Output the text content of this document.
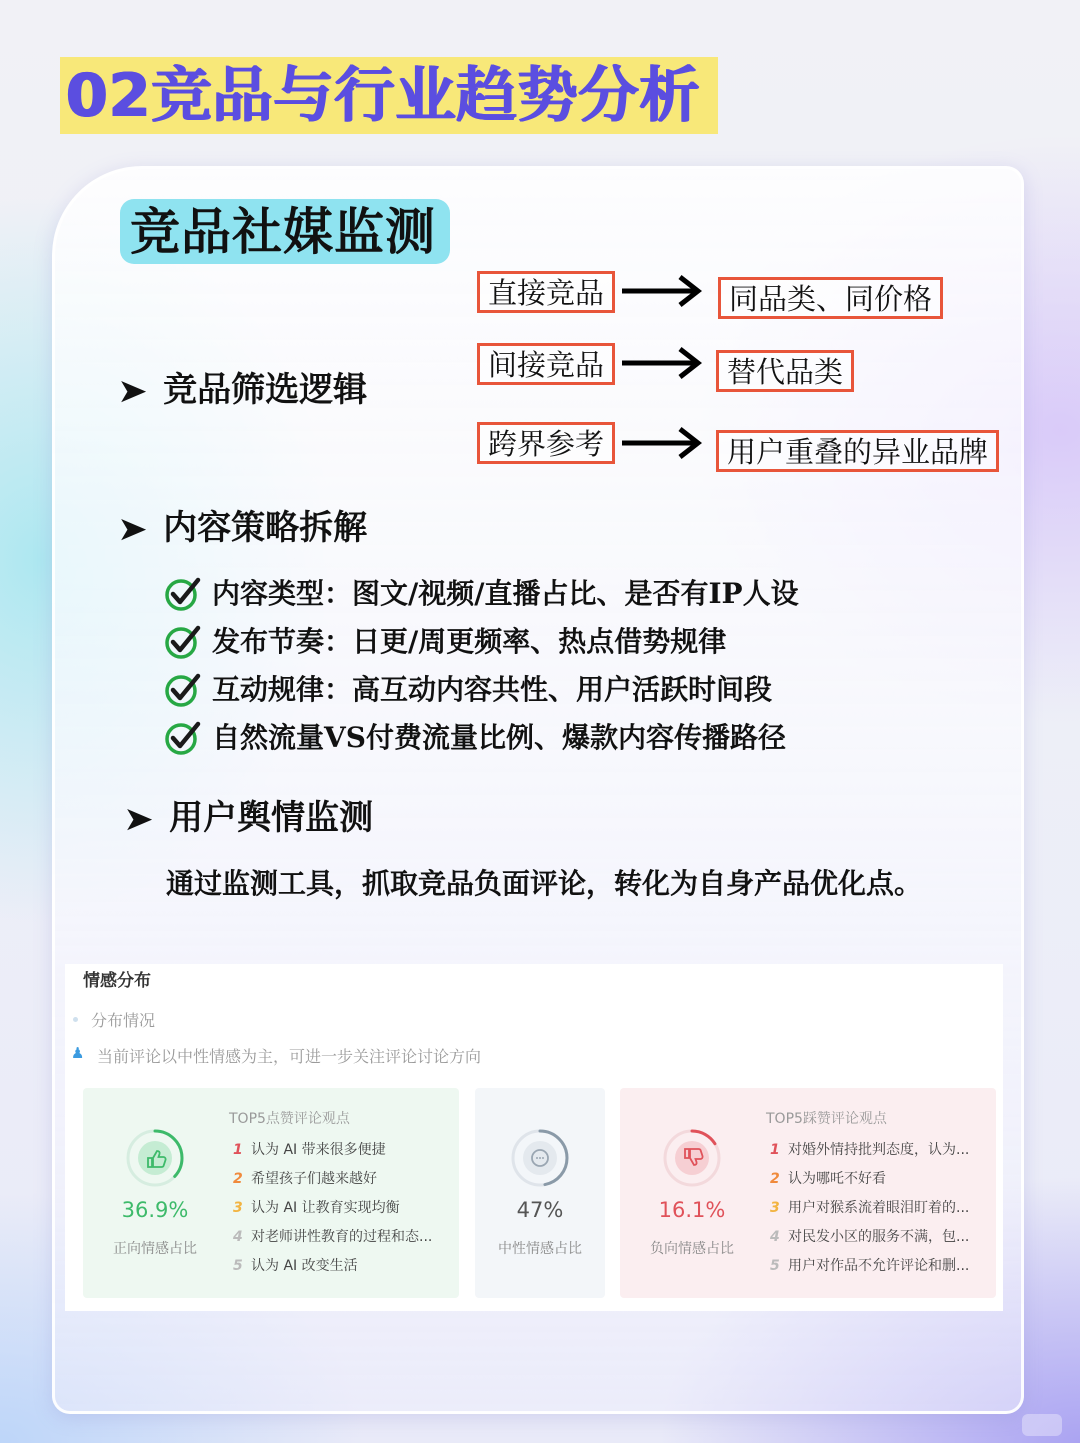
02竞品与行业趋势分析
竞品社媒监测
➤ 竞品筛选逻辑
直接竞品	同品类、同价格
间接竞品	替代品类
跨界参考	用户重叠的异业品牌
➤ 内容策略拆解
内容类型：图文/视频/直播占比、是否有IP人设
发布节奏：日更/周更频率、热点借势规律
互动规律：高互动内容共性、用户活跃时间段
自然流量VS付费流量比例、爆款内容传播路径
➤ 用户舆情监测
通过监测工具，抓取竞品负面评论，转化为自身产品优化点。
情感分布
分布情况
♟ 当前评论以中性情感为主，可进一步关注评论讨论方向
36.9%
正向情感占比
TOP5点赞评论观点
1 认为 AI 带来很多便捷
2 希望孩子们越来越好
3 认为 AI 让教育实现均衡
4 对老师讲性教育的过程和态...
5 认为 AI 改变生活
47%
中性情感占比
16.1%
负向情感占比
TOP5踩赞评论观点
1 对婚外情持批判态度，认为...
2 认为哪吒不好看
3 用户对猴系流着眼泪盯着的...
4 对民发小区的服务不满，包...
5 用户对作品不允许评论和删...
